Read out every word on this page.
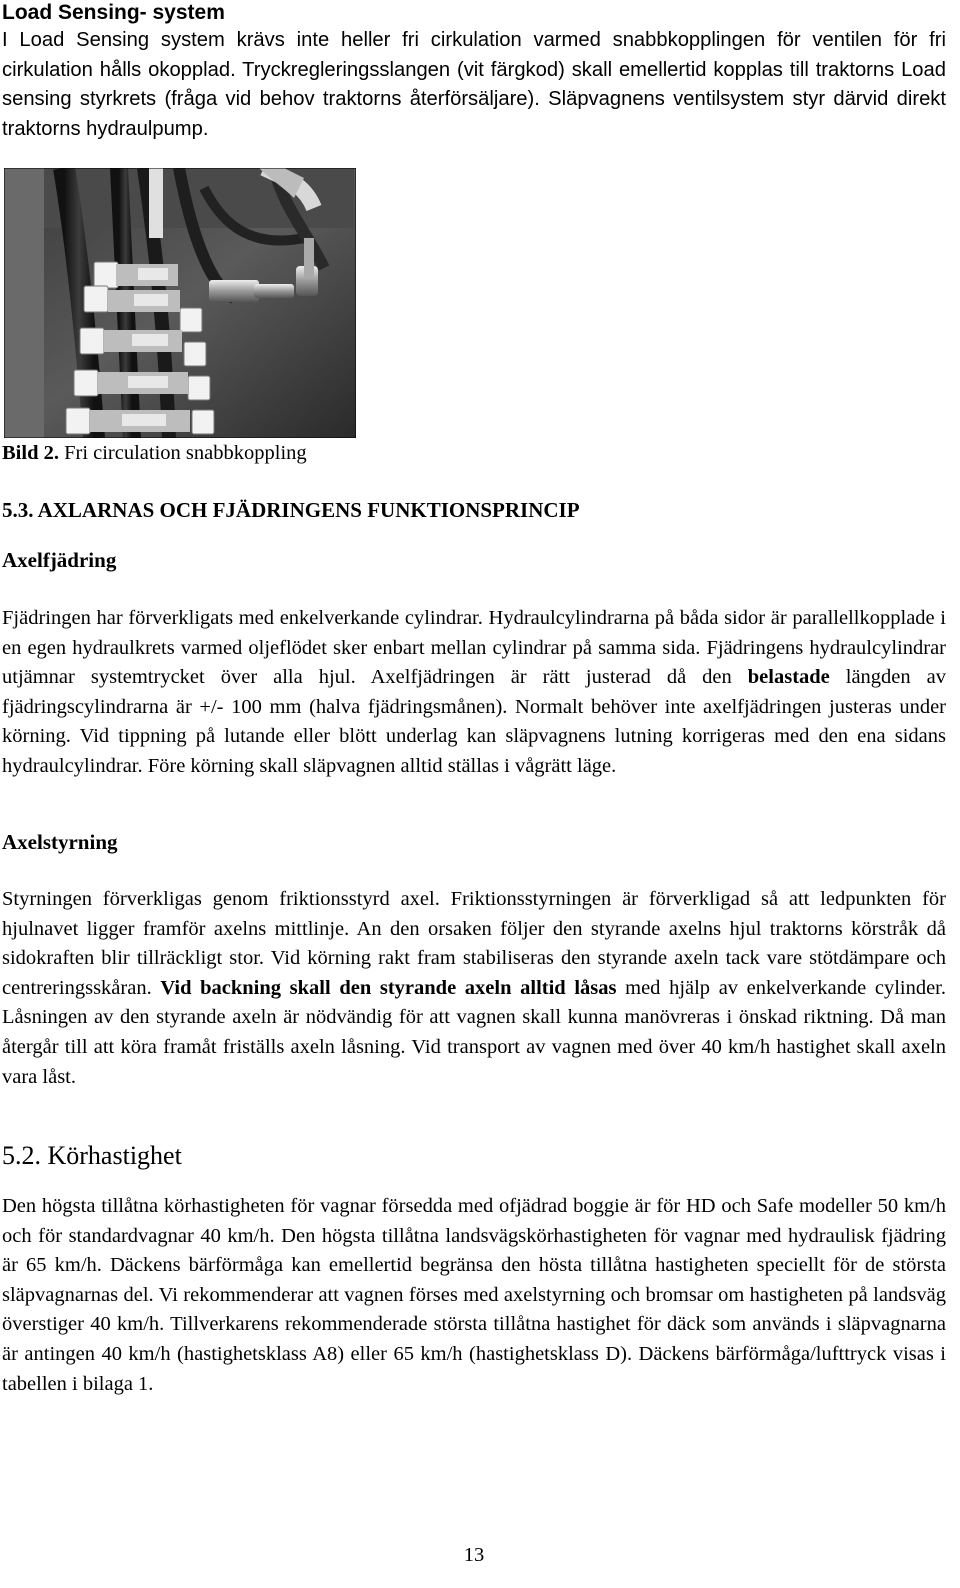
Load Sensing- system

I Load Sensing system krävs inte heller fri cirkulation varmed snabbkopplingen för ventilen för fri cirkulation hålls okopplad. Tryckregleringsslangen (vit färgkod) skall emellertid kopplas till traktorns Load sensing styrkrets (fråga vid behov traktorns återförsäljare). Släpvagnens ventilsystem styr därvid direkt traktorns hydraulpump.

Bild 2. Fri circulation snabbkoppling
5.3. AXLARNAS OCH FJÄDRINGENS FUNKTIONSPRINCIP
Axelfjädring

Fjädringen har förverkligats med enkelverkande cylindrar. Hydraulcylindrarna på båda sidor är parallellkopplade i en egen hydraulkrets varmed oljeflödet sker enbart mellan cylindrar på samma sida. Fjädringens hydraulcylindrar utjämnar systemtrycket över alla hjul. Axelfjädringen är rätt justerad då den belastade längden av fjädringscylindrarna är +/- 100 mm (halva fjädringsmånen). Normalt behöver inte axelfjädringen justeras under körning. Vid tippning på lutande eller blött underlag kan släpvagnens lutning korrigeras med den ena sidans hydraulcylindrar. Före körning skall släpvagnen alltid ställas i vågrätt läge.

Axelstyrning

Styrningen förverkligas genom friktionsstyrd axel. Friktionsstyrningen är förverkligad så att ledpunkten för hjulnavet ligger framför axelns mittlinje. An den orsaken följer den styrande axelns hjul traktorns körstråk då sidokraften blir tillräckligt stor. Vid körning rakt fram stabiliseras den styrande axeln tack vare stötdämpare och centreringsskåran. Vid backning skall den styrande axeln alltid låsas med hjälp av enkelverkande cylinder. Låsningen av den styrande axeln är nödvändig för att vagnen skall kunna manövreras i önskad riktning. Då man återgår till att köra framåt friställs axeln låsning. Vid transport av vagnen med över 40 km/h hastighet skall axeln vara låst.

5.2. Körhastighet

Den högsta tillåtna körhastigheten för vagnar försedda med ofjädrad boggie är för HD och Safe modeller 50 km/h och för standardvagnar 40 km/h. Den högsta tillåtna landsvägskörhastigheten för vagnar med hydraulisk fjädring är 65 km/h. Däckens bärförmåga kan emellertid begränsa den hösta tillåtna hastigheten speciellt för de största släpvagnarnas del. Vi rekommenderar att vagnen förses med axelstyrning och bromsar om hastigheten på landsväg överstiger 40 km/h. Tillverkarens rekommenderade största tillåtna hastighet för däck som används i släpvagnarna är antingen 40 km/h (hastighetsklass A8) eller 65 km/h (hastighetsklass D). Däckens bärförmåga/lufttryck visas i tabellen i bilaga 1.

13
